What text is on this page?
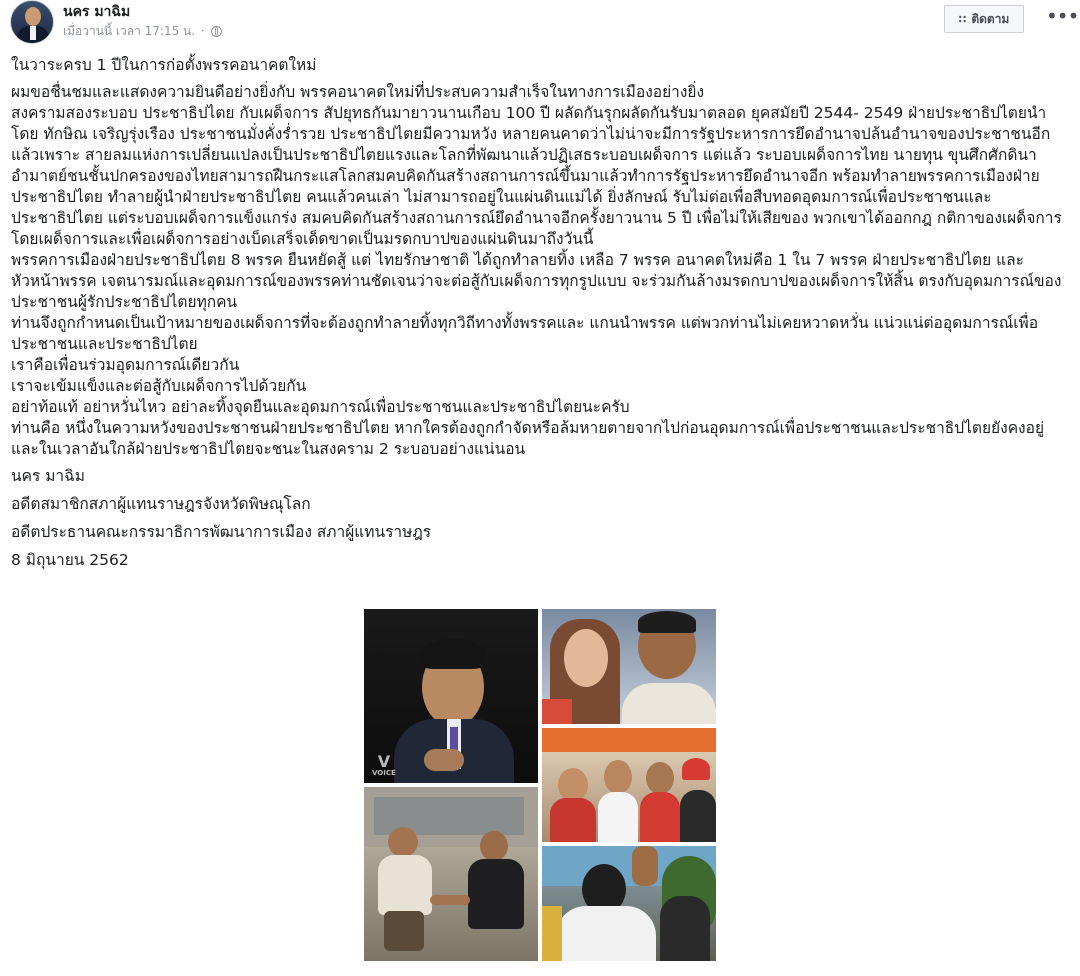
นคร มาฉิม
เมื่อวานนี้ เวลา 17:15 น. ·
∷ ติดตาม	•••

ในวาระครบ 1 ปีในการก่อตั้งพรรคอนาคตใหม่

ผมขอชื่นชมและแสดงความยินดีอย่างยิ่งกับ พรรคอนาคตใหม่ที่ประสบความสำเร็จในทางการเมืองอย่างยิ่ง
สงครามสองระบอบ ประชาธิปไตย กับเผด็จการ สัปยุทธกันมายาวนานเกือบ 100 ปี ผลัดกันรุกผลัดกันรับมาตลอด ยุคสมัยปี 2544- 2549 ฝ่ายประชาธิปไตยนำโดย ทักษิณ เจริญรุ่งเรือง ประชาชนมั่งคั่งร่ำรวย ประชาธิปไตยมีความหวัง หลายคนคาดว่าไม่น่าจะมีการรัฐประหารการยึดอำนาจปล้นอำนาจของประชาชนอีกแล้วเพราะ สายลมแห่งการเปลี่ยนแปลงเป็นประชาธิปไตยแรงและโลกที่พัฒนาแล้วปฏิเสธระบอบเผด็จการ แต่แล้ว ระบอบเผด็จการไทย นายทุน ขุนศึกศักดินาอำมาตย์ชนชั้นปกครองของไทยสามารถฝืนกระแสโลกสมคบคิดกันสร้างสถานการณ์ขึ้นมาแล้วทำการรัฐประหารยึดอำนาจอีก พร้อมทำลายพรรคการเมืองฝ่ายประชาธิปไตย ทำลายผู้นำฝ่ายประชาธิปไตย คนแล้วคนเล่า ไม่สามารถอยู่ในแผ่นดินแม่ได้ ยิ่งลักษณ์ รับไม่ต่อเพื่อสืบทอดอุดมการณ์เพื่อประชาชนและประชาธิปไตย แต่ระบอบเผด็จการแข็งแกร่ง สมคบคิดกันสร้างสถานการณ์ยึดอำนาจอีกครั้งยาวนาน 5 ปี เพื่อไม่ให้เสียของ พวกเขาได้ออกกฎ กติกาของเผด็จการ โดยเผด็จการและเพื่อเผด็จการอย่างเบ็ดเสร็จเด็ดขาดเป็นมรดกบาปของแผ่นดินมาถึงวันนี้
พรรคการเมืองฝ่ายประชาธิปไตย 8 พรรค ยืนหยัดสู้ แต่ ไทยรักษาชาติ ได้ถูกทำลายทิ้ง เหลือ 7 พรรค อนาคตใหม่คือ 1 ใน 7 พรรค ฝ่ายประชาธิปไตย และหัวหน้าพรรค เจตนารมณ์และอุดมการณ์ของพรรคท่านชัดเจนว่าจะต่อสู้กับเผด็จการทุกรูปแบบ จะร่วมกันล้างมรดกบาปของเผด็จการให้สิ้น ตรงกับอุดมการณ์ของประชาชนผู้รักประชาธิปไตยทุกคน
ท่านจึงถูกกำหนดเป็นเป้าหมายของเผด็จการที่จะต้องถูกทำลายทิ้งทุกวิถีทางทั้งพรรคและ แกนนำพรรค แต่พวกท่านไม่เคยหวาดหวั่น แน่วแน่ต่ออุดมการณ์เพื่อประชาชนและประชาธิปไตย
เราคือเพื่อนร่วมอุดมการณ์เดียวกัน
เราจะเข้มแข็งและต่อสู้กับเผด็จการไปด้วยกัน
อย่าท้อแท้ อย่าหวั่นไหว อย่าละทิ้งจุดยืนและอุดมการณ์เพื่อประชาชนและประชาธิปไตยนะครับ
ท่านคือ หนึ่งในความหวังของประชาชนฝ่ายประชาธิปไตย หากใครต้องถูกกำจัดหรือล้มหายตายจากไปก่อนอุดมการณ์เพื่อประชาชนและประชาธิปไตยยังคงอยู่ และในเวลาอันใกล้ฝ่ายประชาธิปไตยจะชนะในสงคราม 2 ระบอบอย่างแน่นอน

นคร มาฉิม

อดีตสมาชิกสภาผู้แทนราษฎรจังหวัดพิษณุโลก

อดีตประธานคณะกรรมาธิการพัฒนาการเมือง สภาผู้แทนราษฎร

8 มิถุนายน 2562

V
VOICE
